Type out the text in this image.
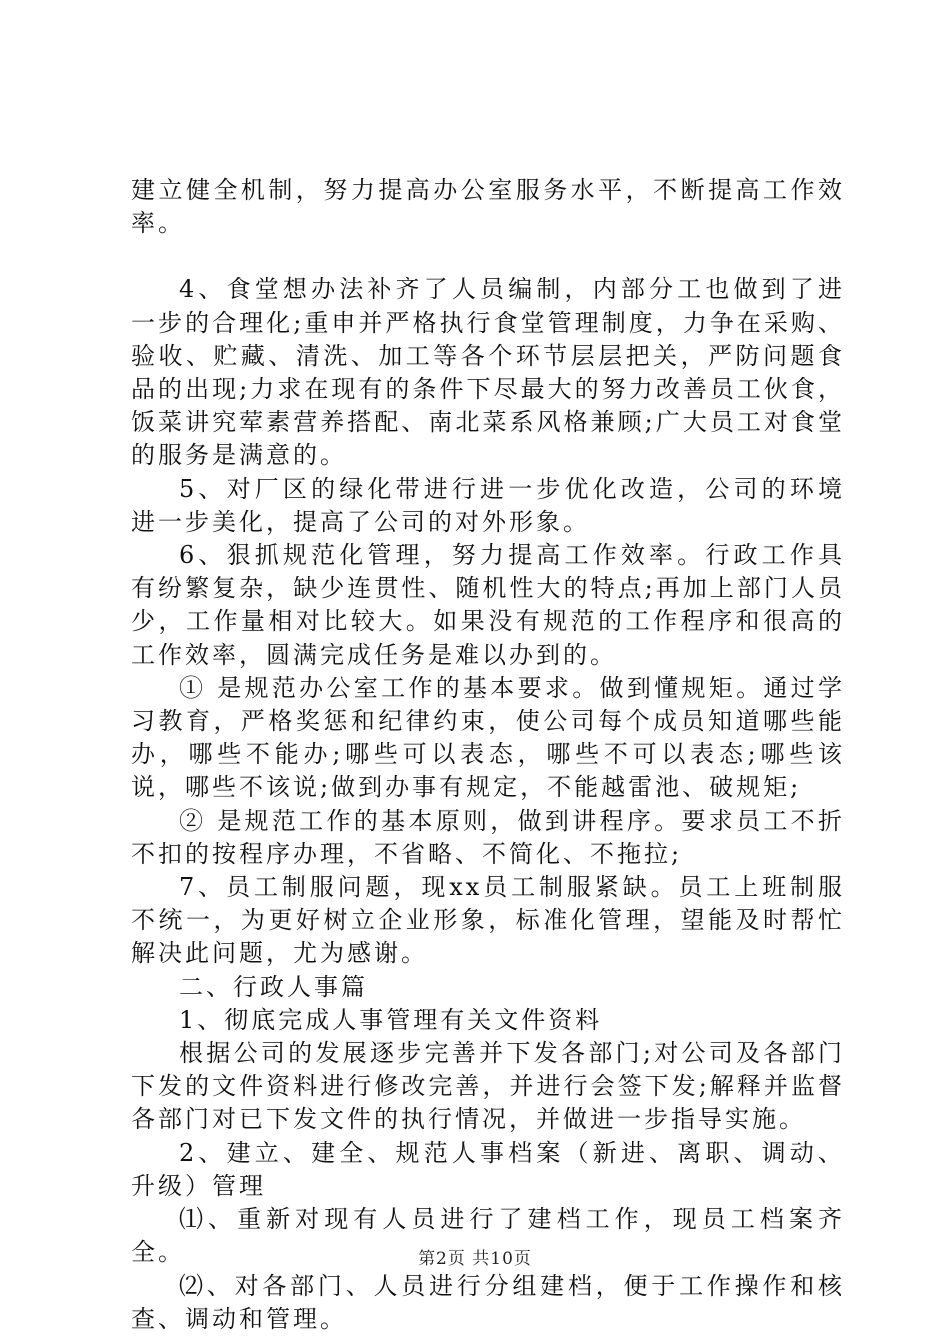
建立健全机制，努力提高办公室服务水平，不断提高工作效率。

4、食堂想办法补齐了人员编制，内部分工也做到了进一步的合理化;重申并严格执行食堂管理制度，力争在采购、验收、贮藏、清洗、加工等各个环节层层把关，严防问题食品的出现;力求在现有的条件下尽最大的努力改善员工伙食，饭菜讲究荤素营养搭配、南北菜系风格兼顾;广大员工对食堂的服务是满意的。

5、对厂区的绿化带进行进一步优化改造，公司的环境进一步美化，提高了公司的对外形象。

6、狠抓规范化管理，努力提高工作效率。行政工作具有纷繁复杂，缺少连贯性、随机性大的特点;再加上部门人员少，工作量相对比较大。如果没有规范的工作程序和很高的工作效率，圆满完成任务是难以办到的。

① 是规范办公室工作的基本要求。做到懂规矩。通过学习教育，严格奖惩和纪律约束，使公司每个成员知道哪些能办，哪些不能办;哪些可以表态，哪些不可以表态;哪些该说，哪些不该说;做到办事有规定，不能越雷池、破规矩;

② 是规范工作的基本原则，做到讲程序。要求员工不折不扣的按程序办理，不省略、不简化、不拖拉;

7、员工制服问题，现xx员工制服紧缺。员工上班制服不统一，为更好树立企业形象，标准化管理，望能及时帮忙解决此问题，尤为感谢。

二、行政人事篇

1、彻底完成人事管理有关文件资料

根据公司的发展逐步完善并下发各部门;对公司及各部门下发的文件资料进行修改完善，并进行会签下发;解释并监督各部门对已下发文件的执行情况，并做进一步指导实施。

2、建立、建全、规范人事档案（新进、离职、调动、升级）管理

⑴、重新对现有人员进行了建档工作，现员工档案齐全。

⑵、对各部门、人员进行分组建档，便于工作操作和核查、调动和管理。

第2页 共10页
